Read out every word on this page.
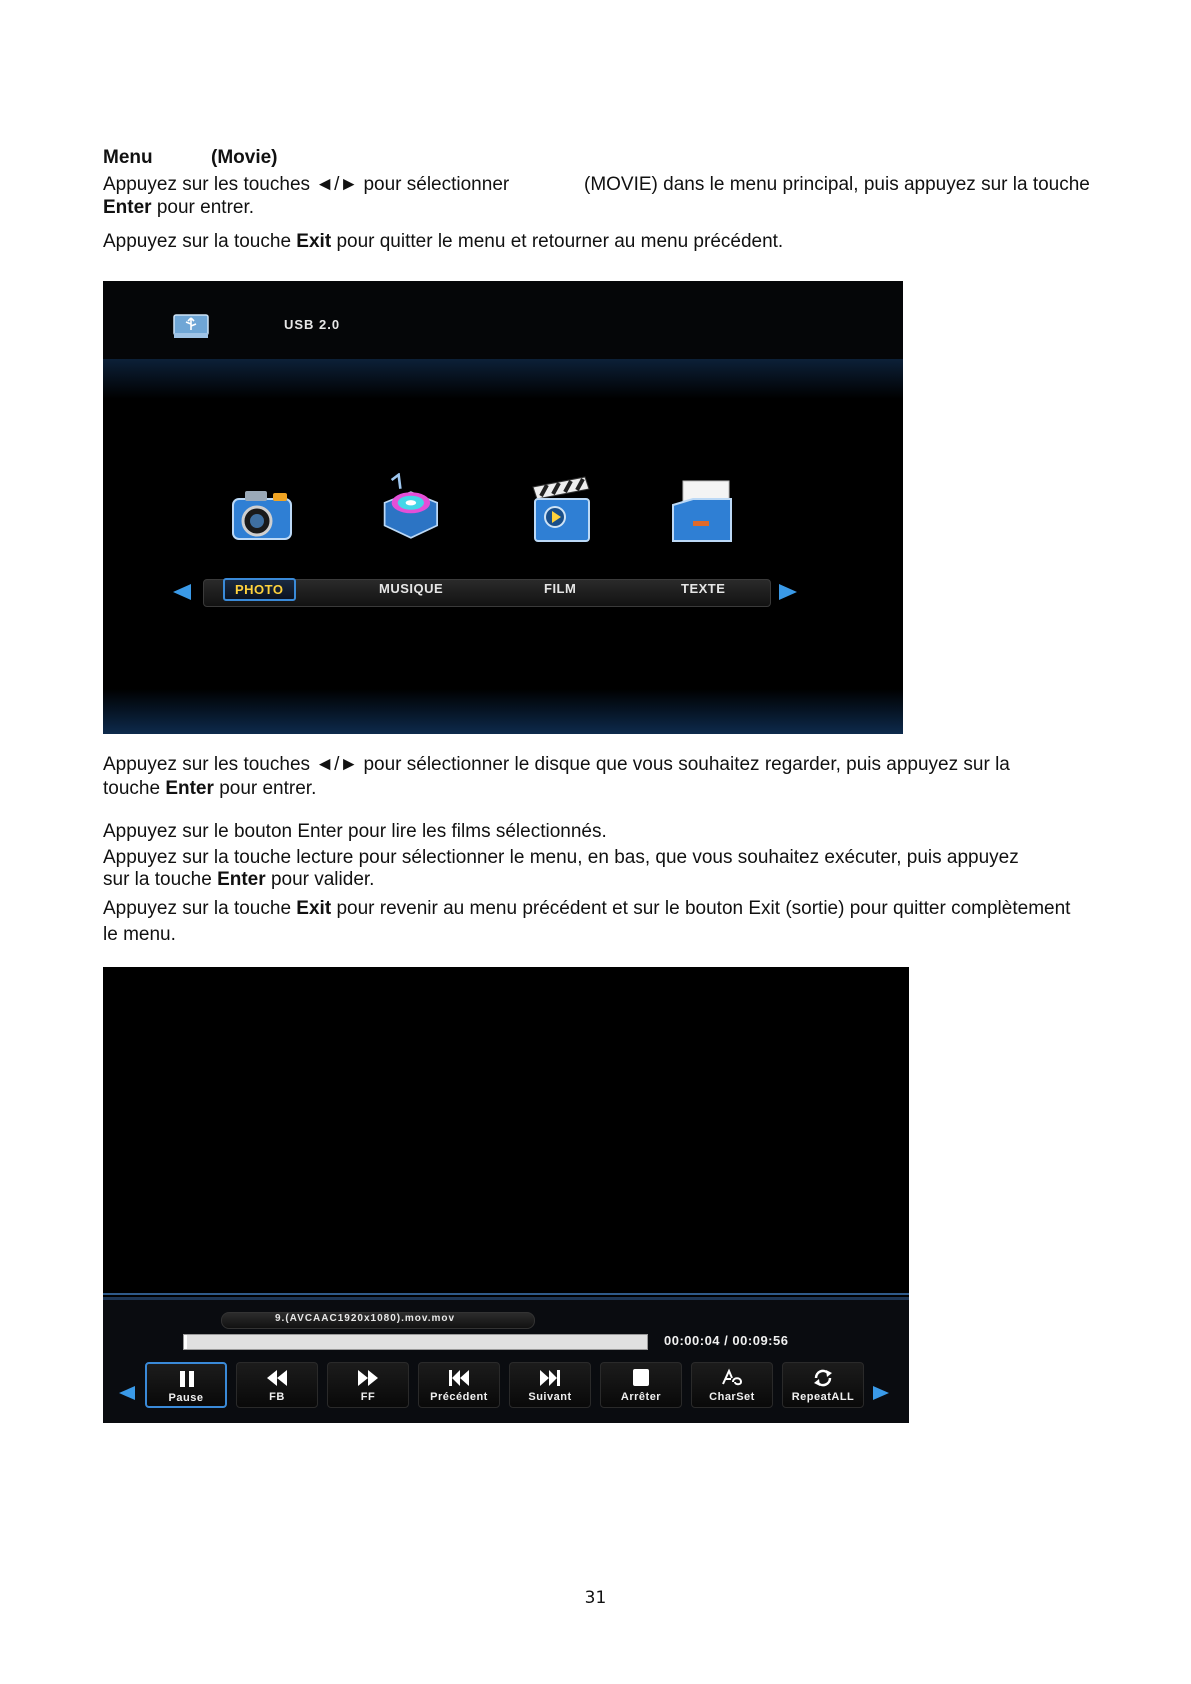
Menu	(Movie)

Appuyez sur les touches ◄/► pour sélectionner	(MOVIE) dans le menu principal, puis appuyez sur la touche

Enter pour entrer.

Appuyez sur la touche Exit pour quitter le menu et retourner au menu précédent.

USB 2.0
PHOTO	MUSIQUE	FILM	TEXTE

Appuyez sur les touches ◄/► pour sélectionner le disque que vous souhaitez regarder, puis appuyez sur la

touche Enter pour entrer.

Appuyez sur le bouton Enter pour lire les films sélectionnés.

Appuyez sur la touche lecture pour sélectionner le menu, en bas, que vous souhaitez exécuter, puis appuyez

sur la touche Enter pour valider.

Appuyez sur la touche Exit pour revenir au menu précédent et sur le bouton Exit (sortie) pour quitter complètement

le menu.

9.(AVCAAC1920x1080).mov.mov
00:00:04 / 00:09:56
Pause	FB	FF	Précédent	Suivant	Arrêter	CharSet	RepeatALL
31
